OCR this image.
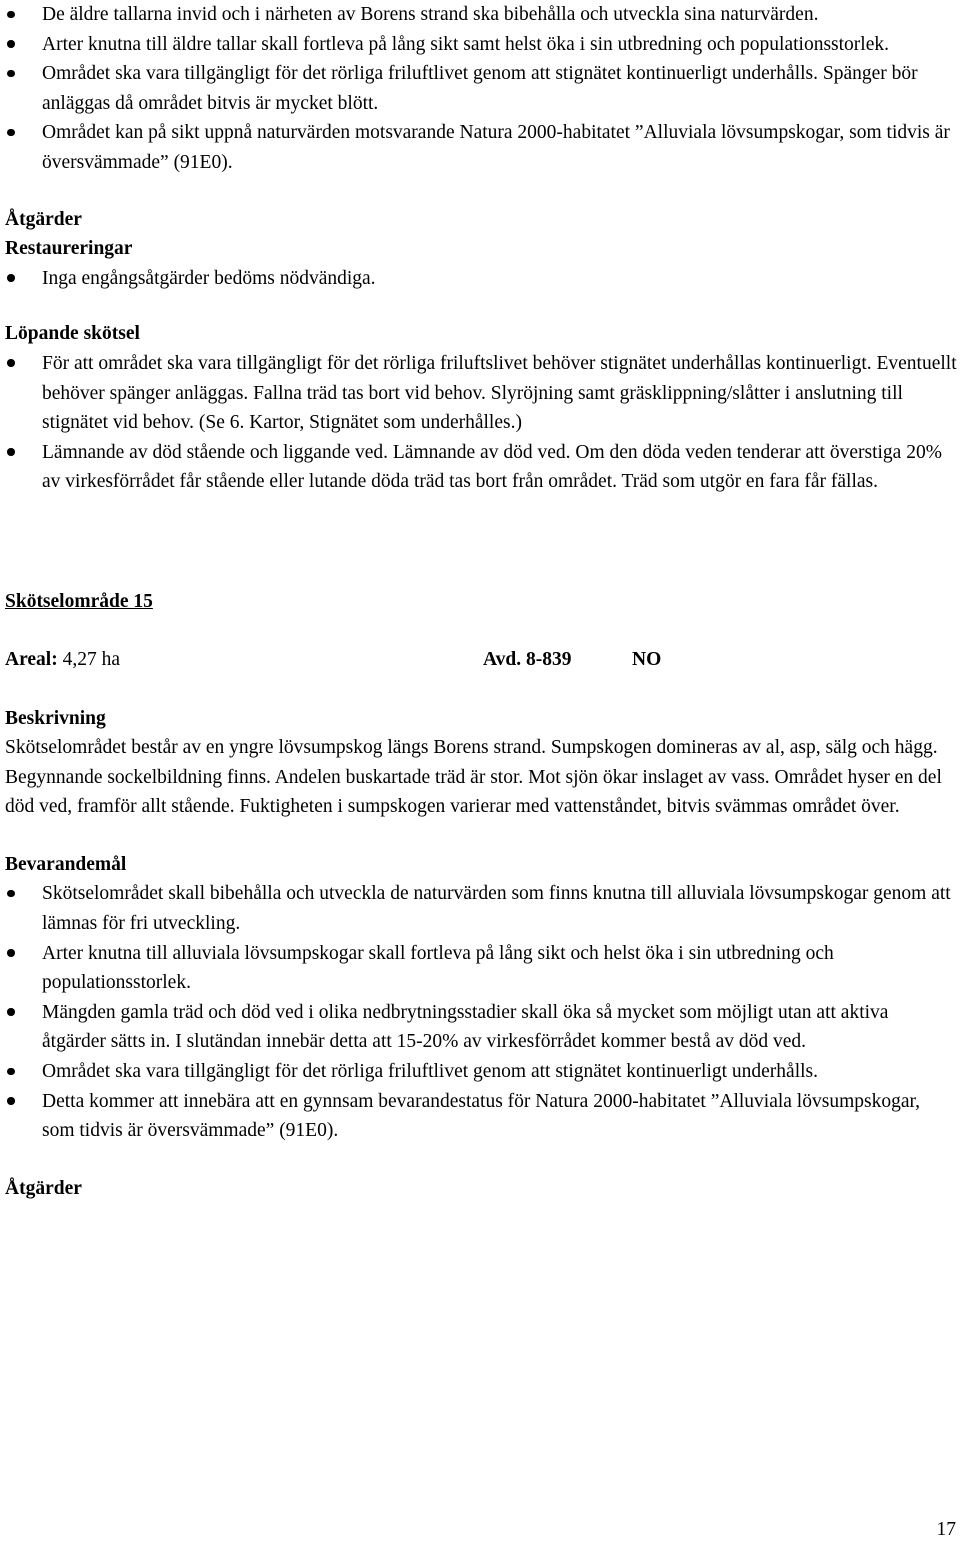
De äldre tallarna invid och i närheten av Borens strand ska bibehålla och utveckla sina naturvärden.
Arter knutna till äldre tallar skall fortleva på lång sikt samt helst öka i sin utbredning och populationsstorlek.
Området ska vara tillgängligt för det rörliga friluftlivet genom att stignätet kontinuerligt underhålls. Spänger bör anläggas då området bitvis är mycket blött.
Området kan på sikt uppnå naturvärden motsvarande Natura 2000-habitatet ”Alluviala lövsumpskogar, som tidvis är översvämmade” (91E0).
Åtgärder
Restaureringar
Inga engångsåtgärder bedöms nödvändiga.
Löpande skötsel
För att området ska vara tillgängligt för det rörliga friluftslivet behöver stignätet underhållas kontinuerligt. Eventuellt behöver spänger anläggas. Fallna träd tas bort vid behov. Slyröjning samt gräsklippning/slåtter i anslutning till stignätet vid behov. (Se 6. Kartor, Stignätet som underhålles.)
Lämnande av död stående och liggande ved. Lämnande av död ved. Om den döda veden tenderar att överstiga 20% av virkesförrådet får stående eller lutande döda träd tas bort från området. Träd som utgör en fara får fällas.
Skötselområde 15
Areal: 4,27 ha	Avd. 8-839	NO
Beskrivning

Skötselområdet består av en yngre lövsumpskog längs Borens strand. Sumpskogen domineras av al, asp, sälg och hägg. Begynnande sockelbildning finns. Andelen buskartade träd är stor. Mot sjön ökar inslaget av vass. Området hyser en del död ved, framför allt stående. Fuktigheten i sumpskogen varierar med vattenståndet, bitvis svämmas området över.

Bevarandemål
Skötselområdet skall bibehålla och utveckla de naturvärden som finns knutna till alluviala lövsumpskogar genom att lämnas för fri utveckling.
Arter knutna till alluviala lövsumpskogar skall fortleva på lång sikt och helst öka i sin utbredning och populationsstorlek.
Mängden gamla träd och död ved i olika nedbrytningsstadier skall öka så mycket som möjligt utan att aktiva åtgärder sätts in. I slutändan innebär detta att 15-20% av virkesförrådet kommer bestå av död ved.
Området ska vara tillgängligt för det rörliga friluftlivet genom att stignätet kontinuerligt underhålls.
Detta kommer att innebära att en gynnsam bevarandestatus för Natura 2000-habitatet ”Alluviala lövsumpskogar, som tidvis är översvämmade” (91E0).
Åtgärder
17
